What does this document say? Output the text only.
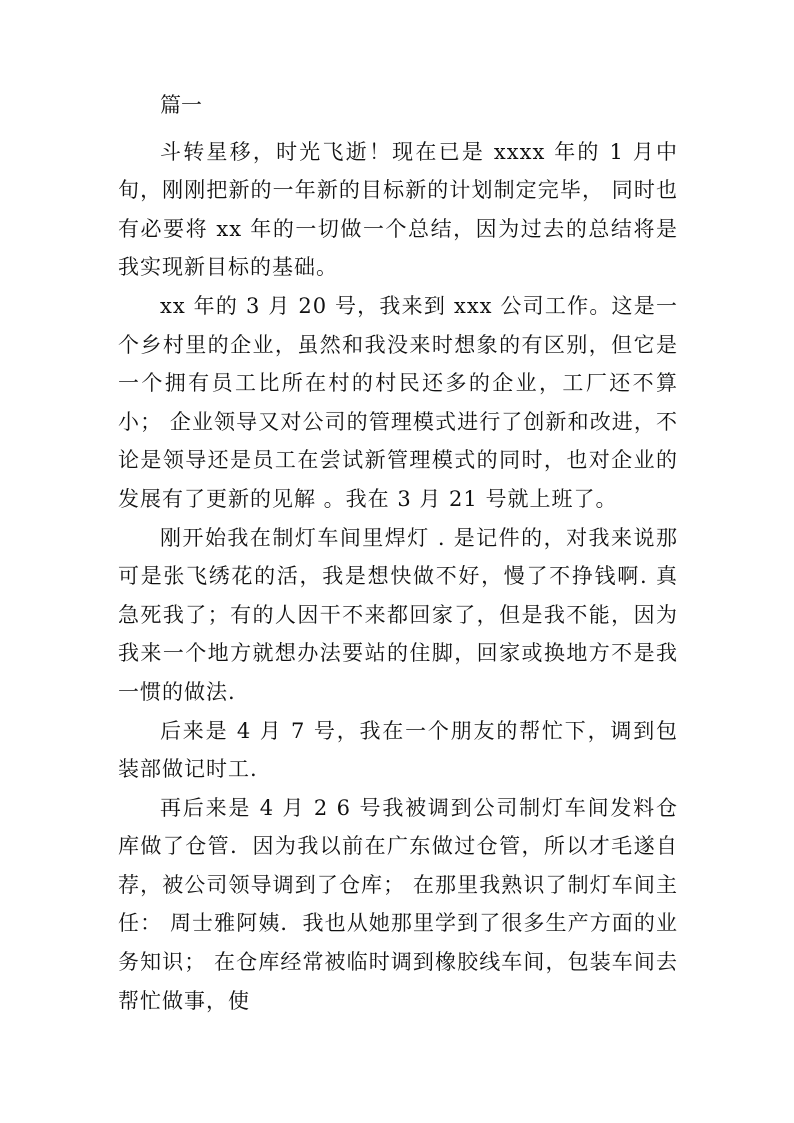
篇一

斗转星移，时光飞逝！现在已是 xxxx 年的 1 月中旬，刚刚把新的一年新的目标新的计划制定完毕， 同时也有必要将 xx 年的一切做一个总结，因为过去的总结将是我实现新目标的基础。

xx 年的 3 月 20 号，我来到 xxx 公司工作。这是一个乡村里的企业，虽然和我没来时想象的有区别，但它是一个拥有员工比所在村的村民还多的企业，工厂还不算小； 企业领导又对公司的管理模式进行了创新和改进，不论是领导还是员工在尝试新管理模式的同时，也对企业的发展有了更新的见解 。我在 3 月 21 号就上班了。

刚开始我在制灯车间里焊灯 . 是记件的，对我来说那可是张飞绣花的活，我是想快做不好，慢了不挣钱啊. 真急死我了；有的人因干不来都回家了，但是我不能，因为我来一个地方就想办法要站的住脚，回家或换地方不是我一惯的做法.

后来是 4 月 7 号，我在一个朋友的帮忙下，调到包装部做记时工.

再后来是 4 月 2 6 号我被调到公司制灯车间发料仓库做了仓管．因为我以前在广东做过仓管，所以才毛遂自荐，被公司领导调到了仓库； 在那里我熟识了制灯车间主任： 周士雅阿姨．我也从她那里学到了很多生产方面的业务知识； 在仓库经常被临时调到橡胶线车间，包装车间去帮忙做事，使
